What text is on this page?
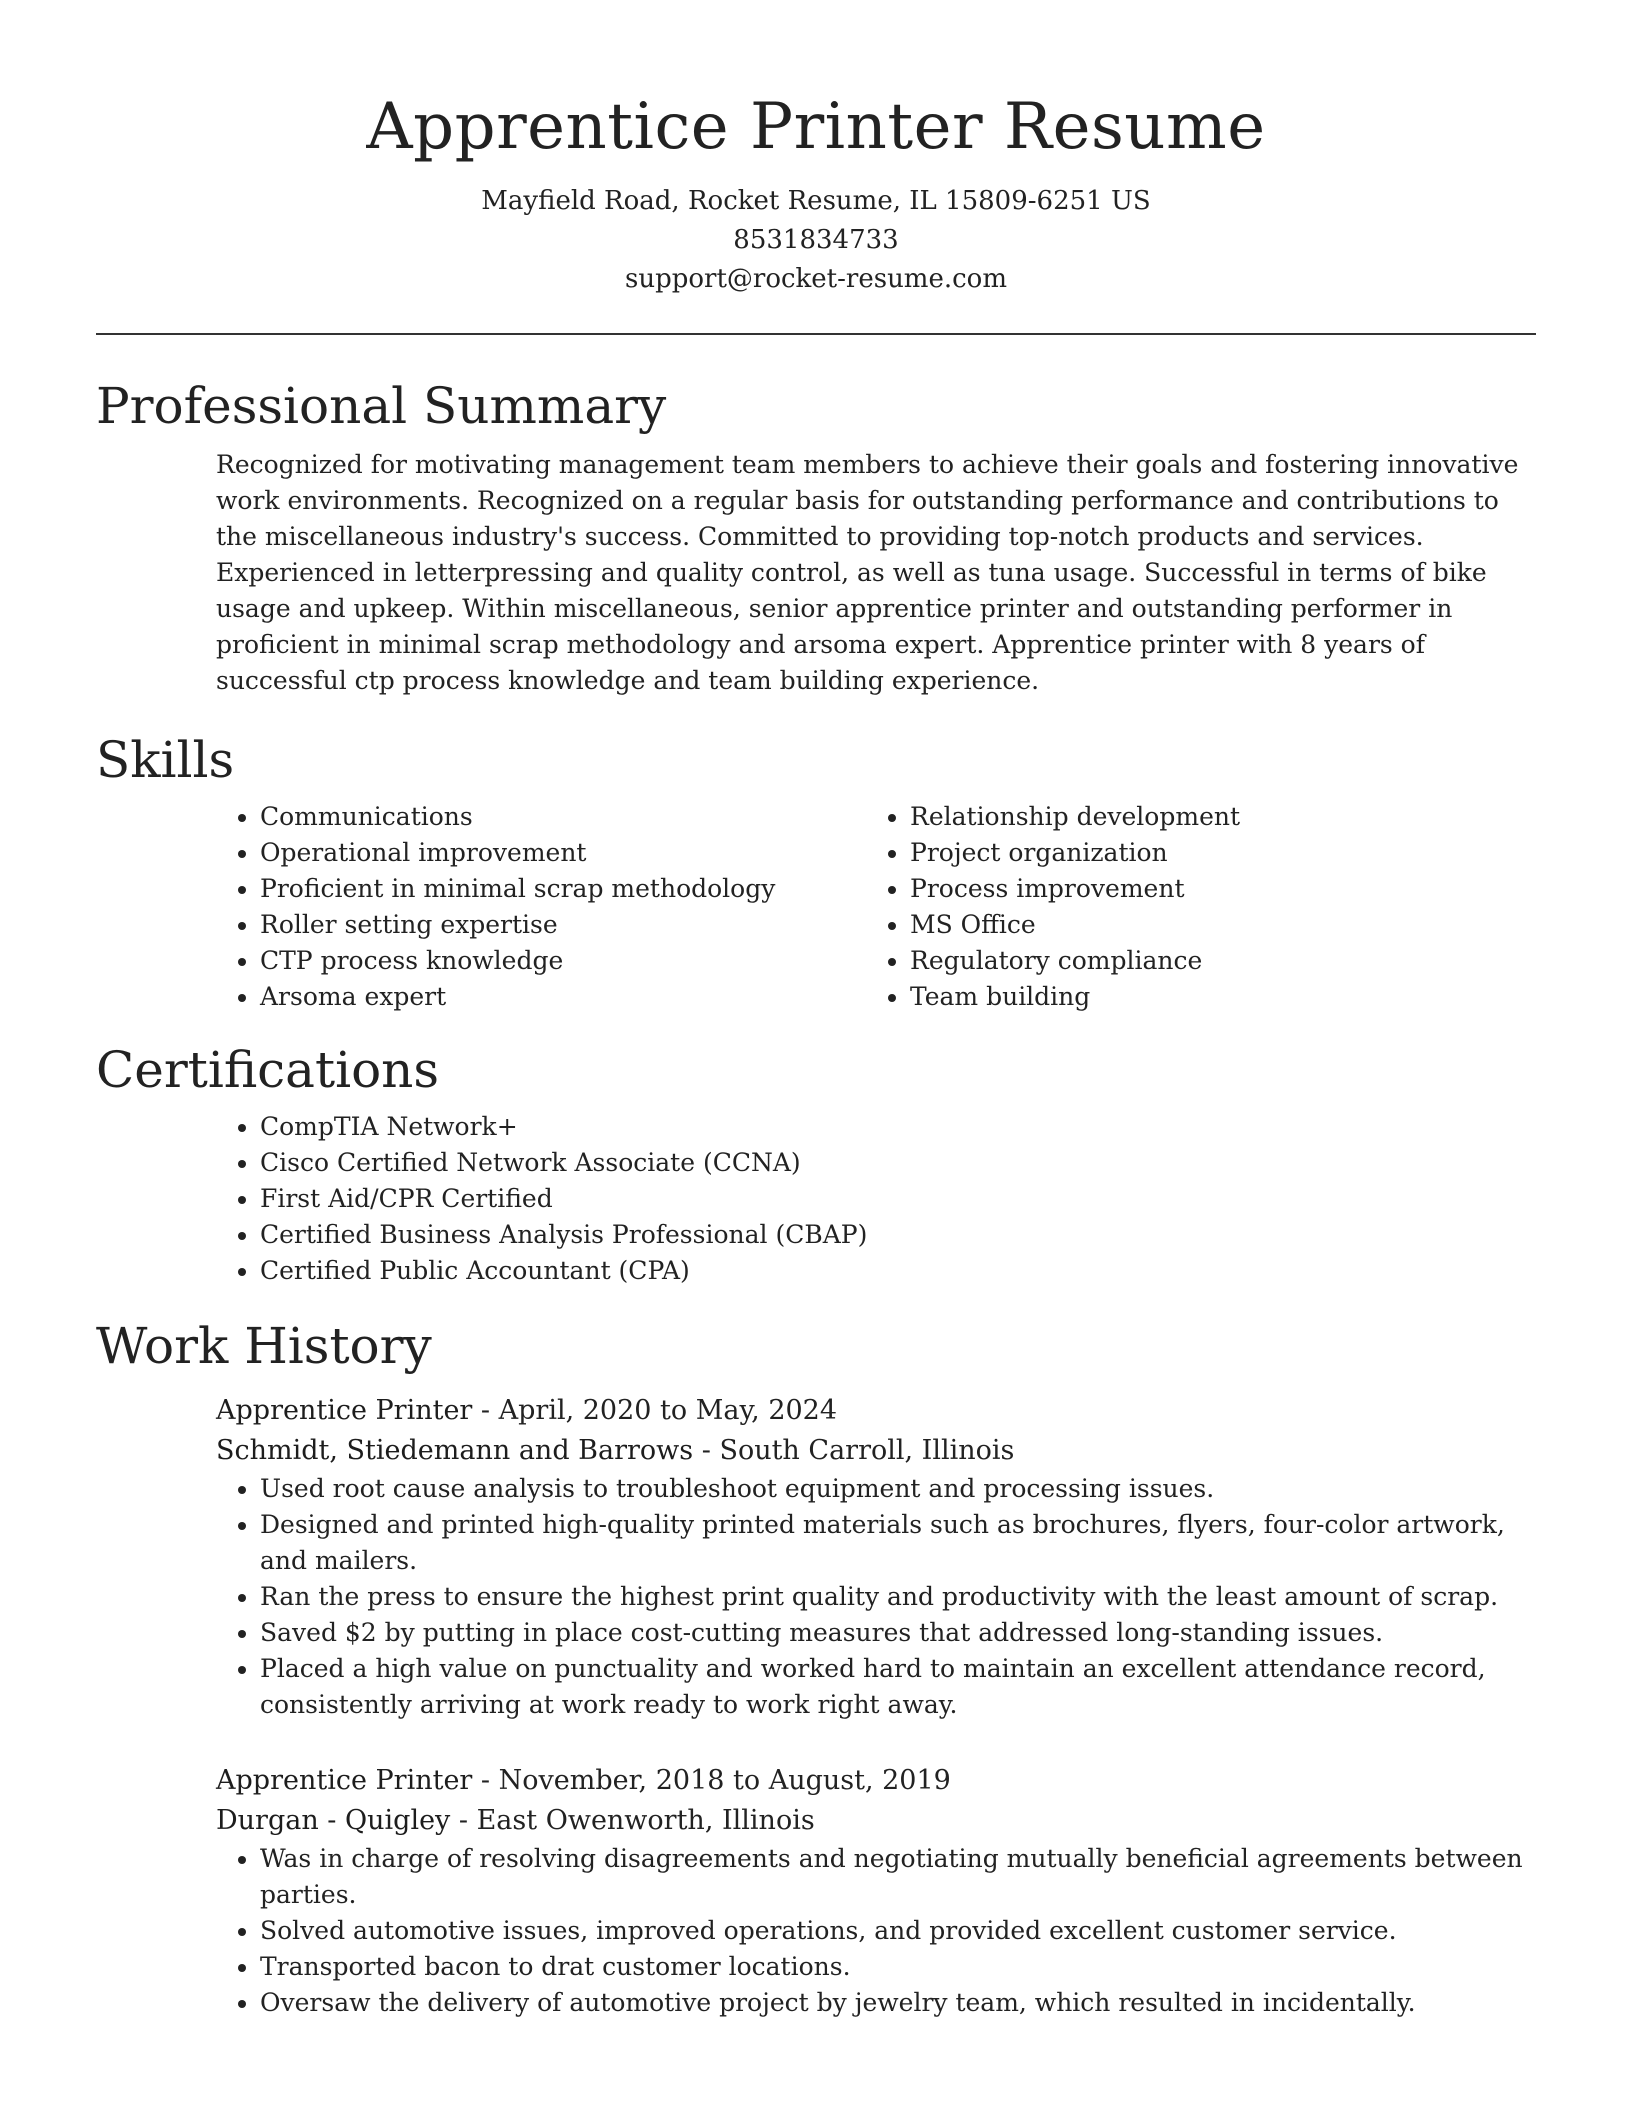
Apprentice Printer Resume

Mayfield Road, Rocket Resume, IL 15809-6251 US

8531834733

support@rocket-resume.com

Professional Summary

Recognized for motivating management team members to achieve their goals and fostering innovative work environments. Recognized on a regular basis for outstanding performance and contributions to the miscellaneous industry's success. Committed to providing top-notch products and services. Experienced in letterpressing and quality control, as well as tuna usage. Successful in terms of bike usage and upkeep. Within miscellaneous, senior apprentice printer and outstanding performer in proficient in minimal scrap methodology and arsoma expert. Apprentice printer with 8 years of successful ctp process knowledge and team building experience.

Skills
• Communications
• Operational improvement
• Proficient in minimal scrap methodology
• Roller setting expertise
• CTP process knowledge
• Arsoma expert
• Relationship development
• Project organization
• Process improvement
• MS Office
• Regulatory compliance
• Team building
Certifications
• CompTIA Network+
• Cisco Certified Network Associate (CCNA)
• First Aid/CPR Certified
• Certified Business Analysis Professional (CBAP)
• Certified Public Accountant (CPA)
Work History

Apprentice Printer - April, 2020 to May, 2024

Schmidt, Stiedemann and Barrows - South Carroll, Illinois

• Used root cause analysis to troubleshoot equipment and processing issues.
• Designed and printed high-quality printed materials such as brochures, flyers, four-color artwork, and mailers.
• Ran the press to ensure the highest print quality and productivity with the least amount of scrap.
• Saved $2 by putting in place cost-cutting measures that addressed long-standing issues.
• Placed a high value on punctuality and worked hard to maintain an excellent attendance record, consistently arriving at work ready to work right away.

Apprentice Printer - November, 2018 to August, 2019

Durgan - Quigley - East Owenworth, Illinois

• Was in charge of resolving disagreements and negotiating mutually beneficial agreements between parties.
• Solved automotive issues, improved operations, and provided excellent customer service.
• Transported bacon to drat customer locations.
• Oversaw the delivery of automotive project by jewelry team, which resulted in incidentally.
